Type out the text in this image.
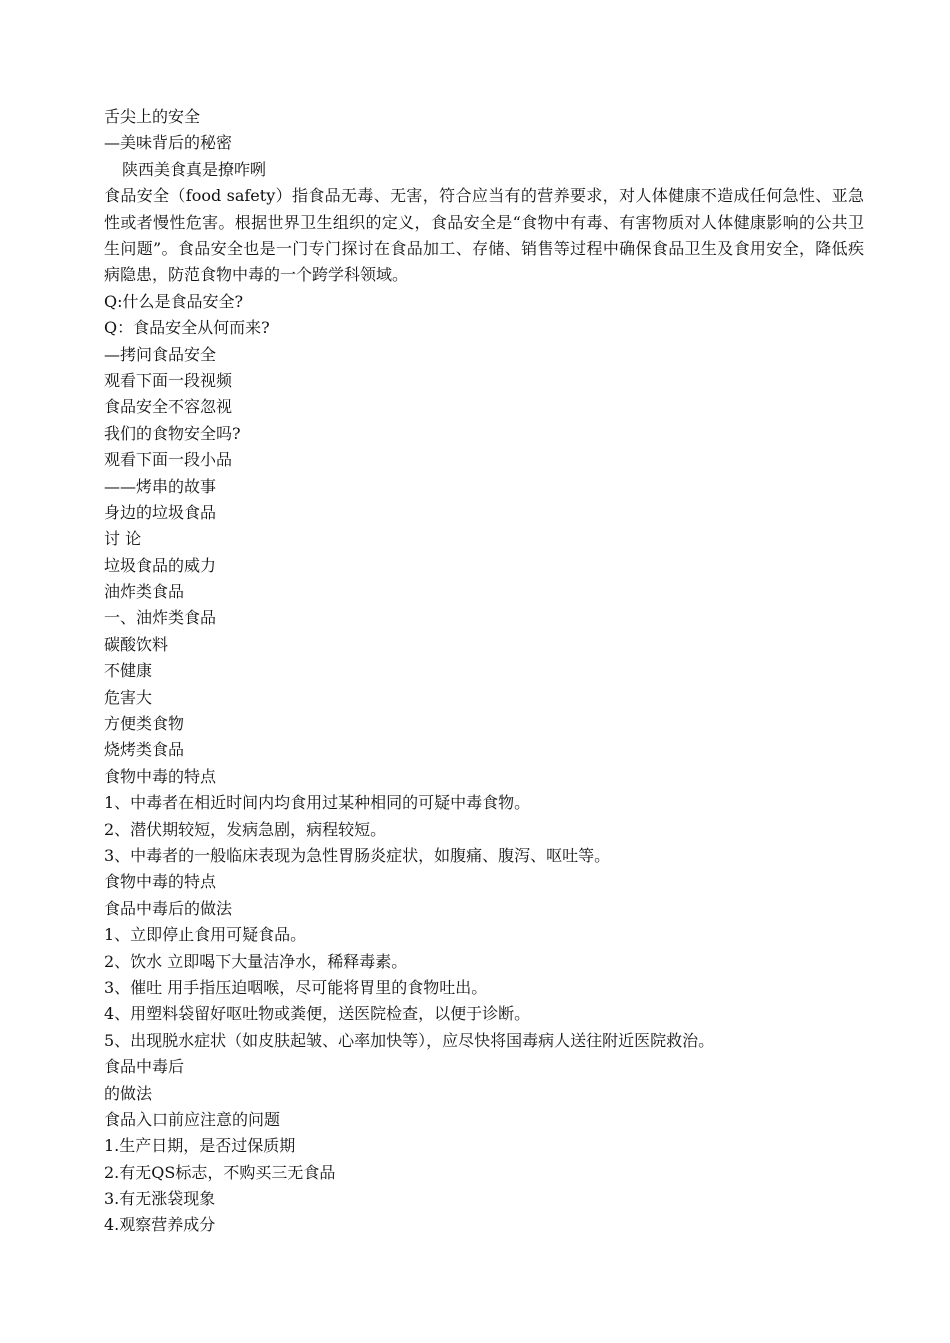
舌尖上的安全
—美味背后的秘密
陕西美食真是撩咋咧
食品安全（food safety）指食品无毒、无害，符合应当有的营养要求，对人体健康不造成任何急性、亚急性或者慢性危害。根据世界卫生组织的定义，食品安全是“食物中有毒、有害物质对人体健康影响的公共卫生问题”。食品安全也是一门专门探讨在食品加工、存储、销售等过程中确保食品卫生及食用安全，降低疾病隐患，防范食物中毒的一个跨学科领域。
Q:什么是食品安全?
Q：食品安全从何而来?
—拷问食品安全
观看下面一段视频
食品安全不容忽视
我们的食物安全吗?
观看下面一段小品
——烤串的故事
身边的垃圾食品
讨 论
垃圾食品的威力
油炸类食品
一、油炸类食品
碳酸饮料
不健康
危害大
方便类食物
烧烤类食品
食物中毒的特点
1、中毒者在相近时间内均食用过某种相同的可疑中毒食物。
2、潜伏期较短，发病急剧，病程较短。
3、中毒者的一般临床表现为急性胃肠炎症状，如腹痛、腹泻、呕吐等。
食物中毒的特点
食品中毒后的做法
1、立即停止食用可疑食品。
2、饮水 立即喝下大量洁净水，稀释毒素。
3、催吐 用手指压迫咽喉，尽可能将胃里的食物吐出。
4、用塑料袋留好呕吐物或粪便，送医院检查，以便于诊断。
5、出现脱水症状（如皮肤起皱、心率加快等），应尽快将国毒病人送往附近医院救治。
食品中毒后
的做法
食品入口前应注意的问题
1.生产日期，是否过保质期
2.有无QS标志，不购买三无食品
3.有无涨袋现象
4.观察营养成分
